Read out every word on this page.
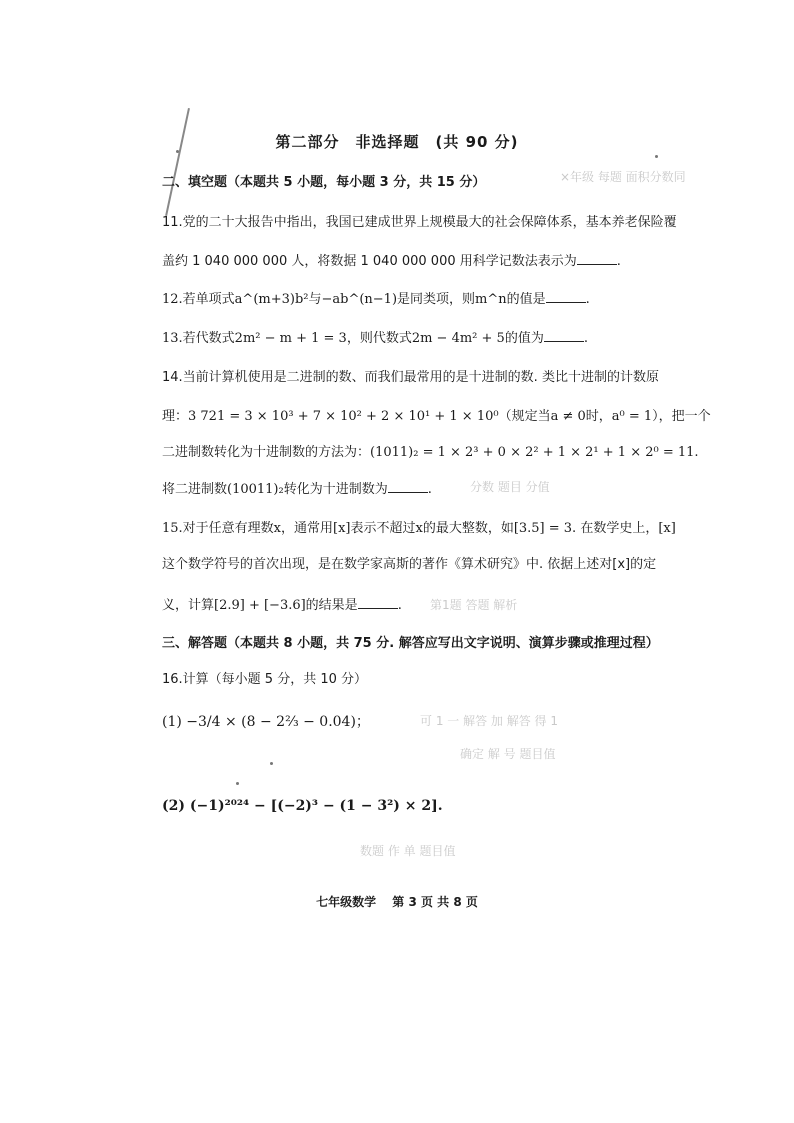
×年级 每题 面积分数同
分数 题目 分值
第1题 答题 解析
可 1 一 解答 加 解答 得 1
确定 解 号 题目值
数题 作 单 题目值
第二部分　非选择题　(共 90 分)
二、填空题（本题共 5 小题，每小题 3 分，共 15 分）
11.党的二十大报告中指出，我国已建成世界上规模最大的社会保障体系，基本养老保险覆
盖约 1 040 000 000 人，将数据 1 040 000 000 用科学记数法表示为	.
12.若单项式a^(m+3)b²与−ab^(n−1)是同类项，则m^n的值是	.
13.若代数式2m² − m + 1 = 3，则代数式2m − 4m² + 5的值为	.
14.当前计算机使用是二进制的数、而我们最常用的是十进制的数. 类比十进制的计数原
理：3 721 = 3 × 10³ + 7 × 10² + 2 × 10¹ + 1 × 10⁰（规定当a ≠ 0时，a⁰ = 1），把一个
二进制数转化为十进制数的方法为：(1011)₂ = 1 × 2³ + 0 × 2² + 1 × 2¹ + 1 × 2⁰ = 11.
将二进制数(10011)₂转化为十进制数为	.
15.对于任意有理数x，通常用[x]表示不超过x的最大整数，如[3.5] = 3. 在数学史上，[x]
这个数学符号的首次出现，是在数学家高斯的著作《算术研究》中. 依据上述对[x]的定
义，计算[2.9] + [−3.6]的结果是	.
三、解答题（本题共 8 小题，共 75 分. 解答应写出文字说明、演算步骤或推理过程）
16.计算（每小题 5 分，共 10 分）
(1) −3/4 × (8 − 2⅔ − 0.04)；
(2) (−1)²⁰²⁴ − [(−2)³ − (1 − 3²) × 2].
七年级数学 第 3 页 共 8 页
